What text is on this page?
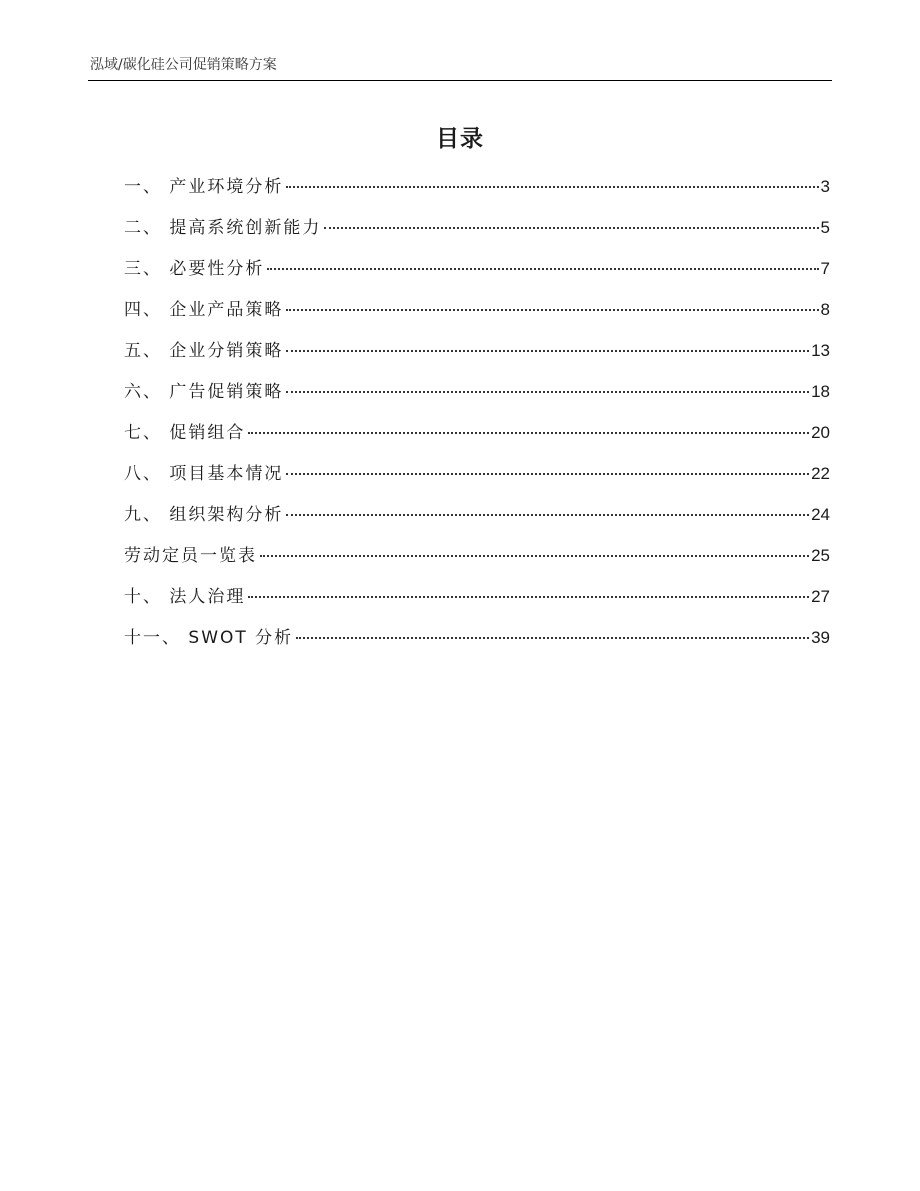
泓域/碳化硅公司促销策略方案
目录
一、 产业环境分析	3
二、 提高系统创新能力	5
三、 必要性分析	7
四、 企业产品策略	8
五、 企业分销策略	13
六、 广告促销策略	18
七、 促销组合	20
八、 项目基本情况	22
九、 组织架构分析	24
劳动定员一览表	25
十、 法人治理	27
十一、 SWOT 分析	39
